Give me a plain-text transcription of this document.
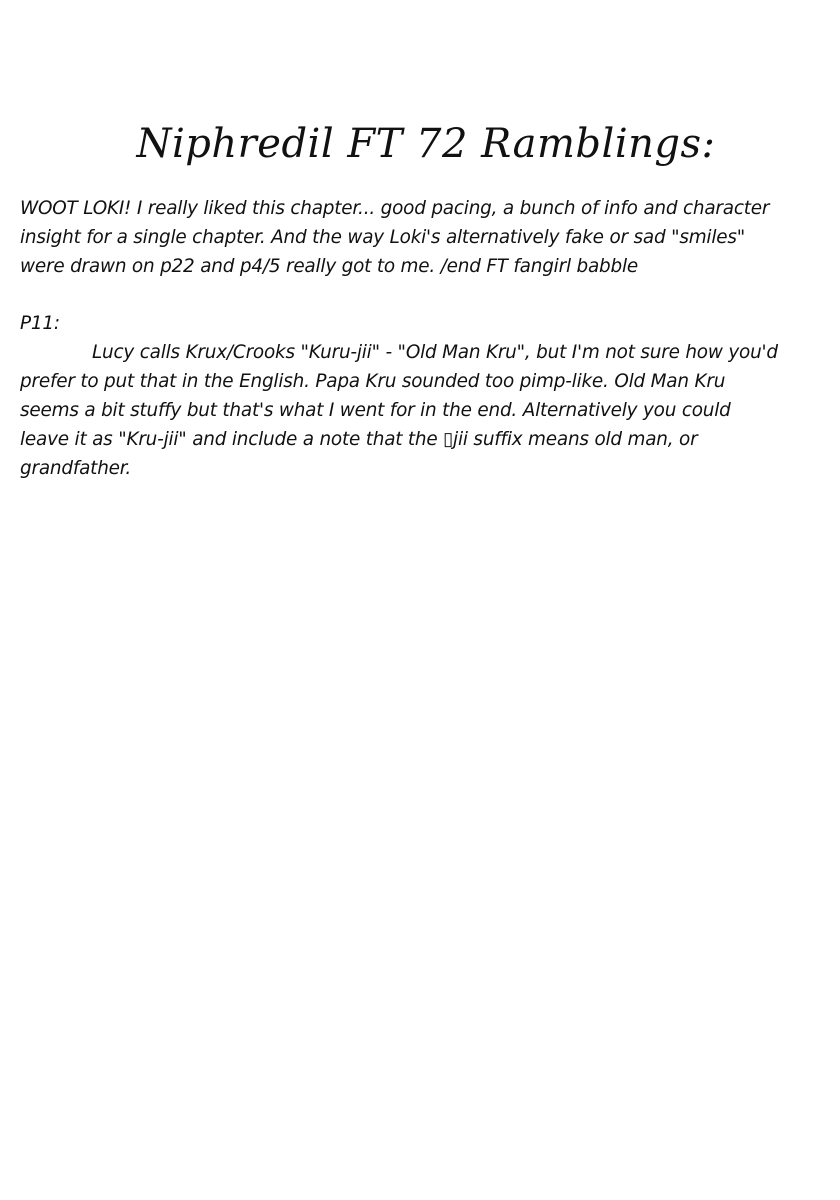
Niphredil FT 72 Ramblings:
WOOT LOKI! I really liked this chapter... good pacing, a bunch of info and character
insight for a single chapter. And the way Loki's alternatively fake or sad "smiles"
were drawn on p22 and p4/5 really got to me. /end FT fangirl babble
P11:
Lucy calls Krux/Crooks "Kuru-jii" - "Old Man Kru", but I'm not sure how you'd
prefer to put that in the English. Papa Kru sounded too pimp-like. Old Man Kru
seems a bit stuffy but that's what I went for in the end. Alternatively you could
leave it as "Kru-jii" and include a note that the ▯jii suffix means old man, or
grandfather.
